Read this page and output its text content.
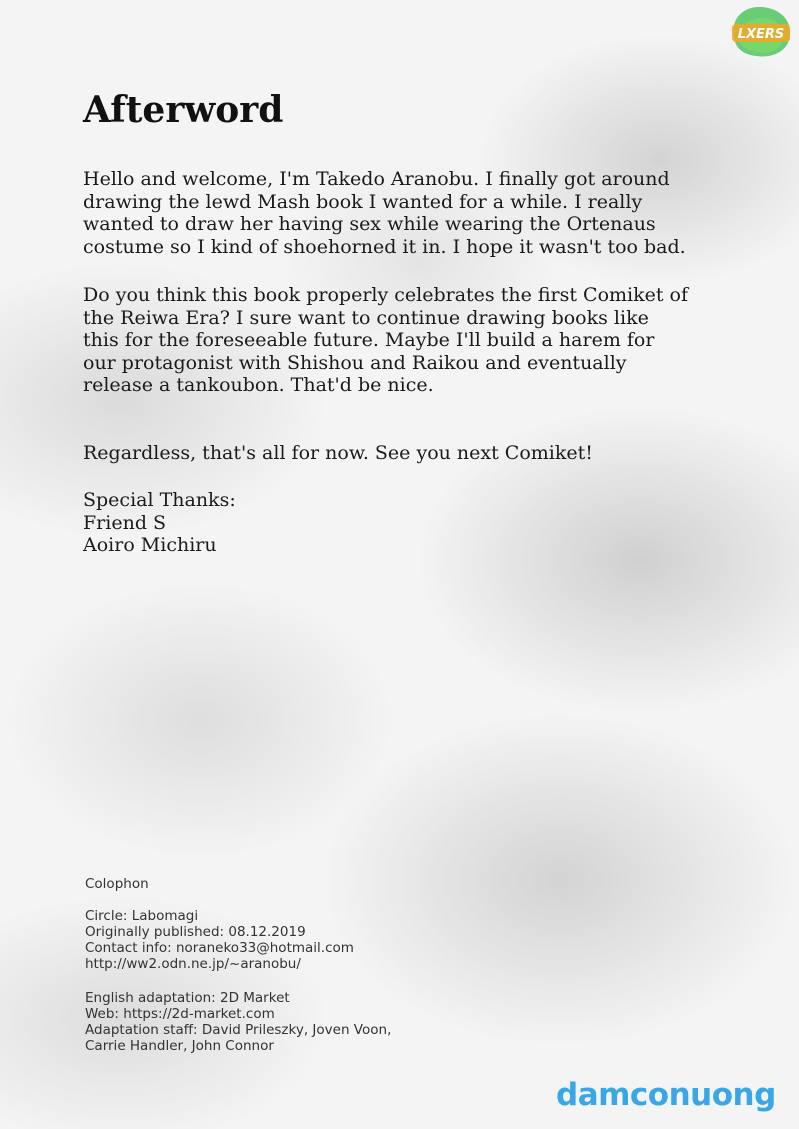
LXERS
Afterword
Hello and welcome, I'm Takedo Aranobu. I finally got around
drawing the lewd Mash book I wanted for a while. I really
wanted to draw her having sex while wearing the Ortenaus
costume so I kind of shoehorned it in. I hope it wasn't too bad.
Do you think this book properly celebrates the first Comiket of
the Reiwa Era? I sure want to continue drawing books like
this for the foreseeable future. Maybe I'll build a harem for
our protagonist with Shishou and Raikou and eventually
release a tankoubon. That'd be nice.
Regardless, that's all for now. See you next Comiket!
Special Thanks:
Friend S
Aoiro Michiru
Colophon
Circle: Labomagi
Originally published: 08.12.2019
Contact info: noraneko33@hotmail.com
http://ww2.odn.ne.jp/~aranobu/
English adaptation: 2D Market
Web: https://2d-market.com
Adaptation staff: David Prileszky, Joven Voon,
Carrie Handler, John Connor
damconuong
